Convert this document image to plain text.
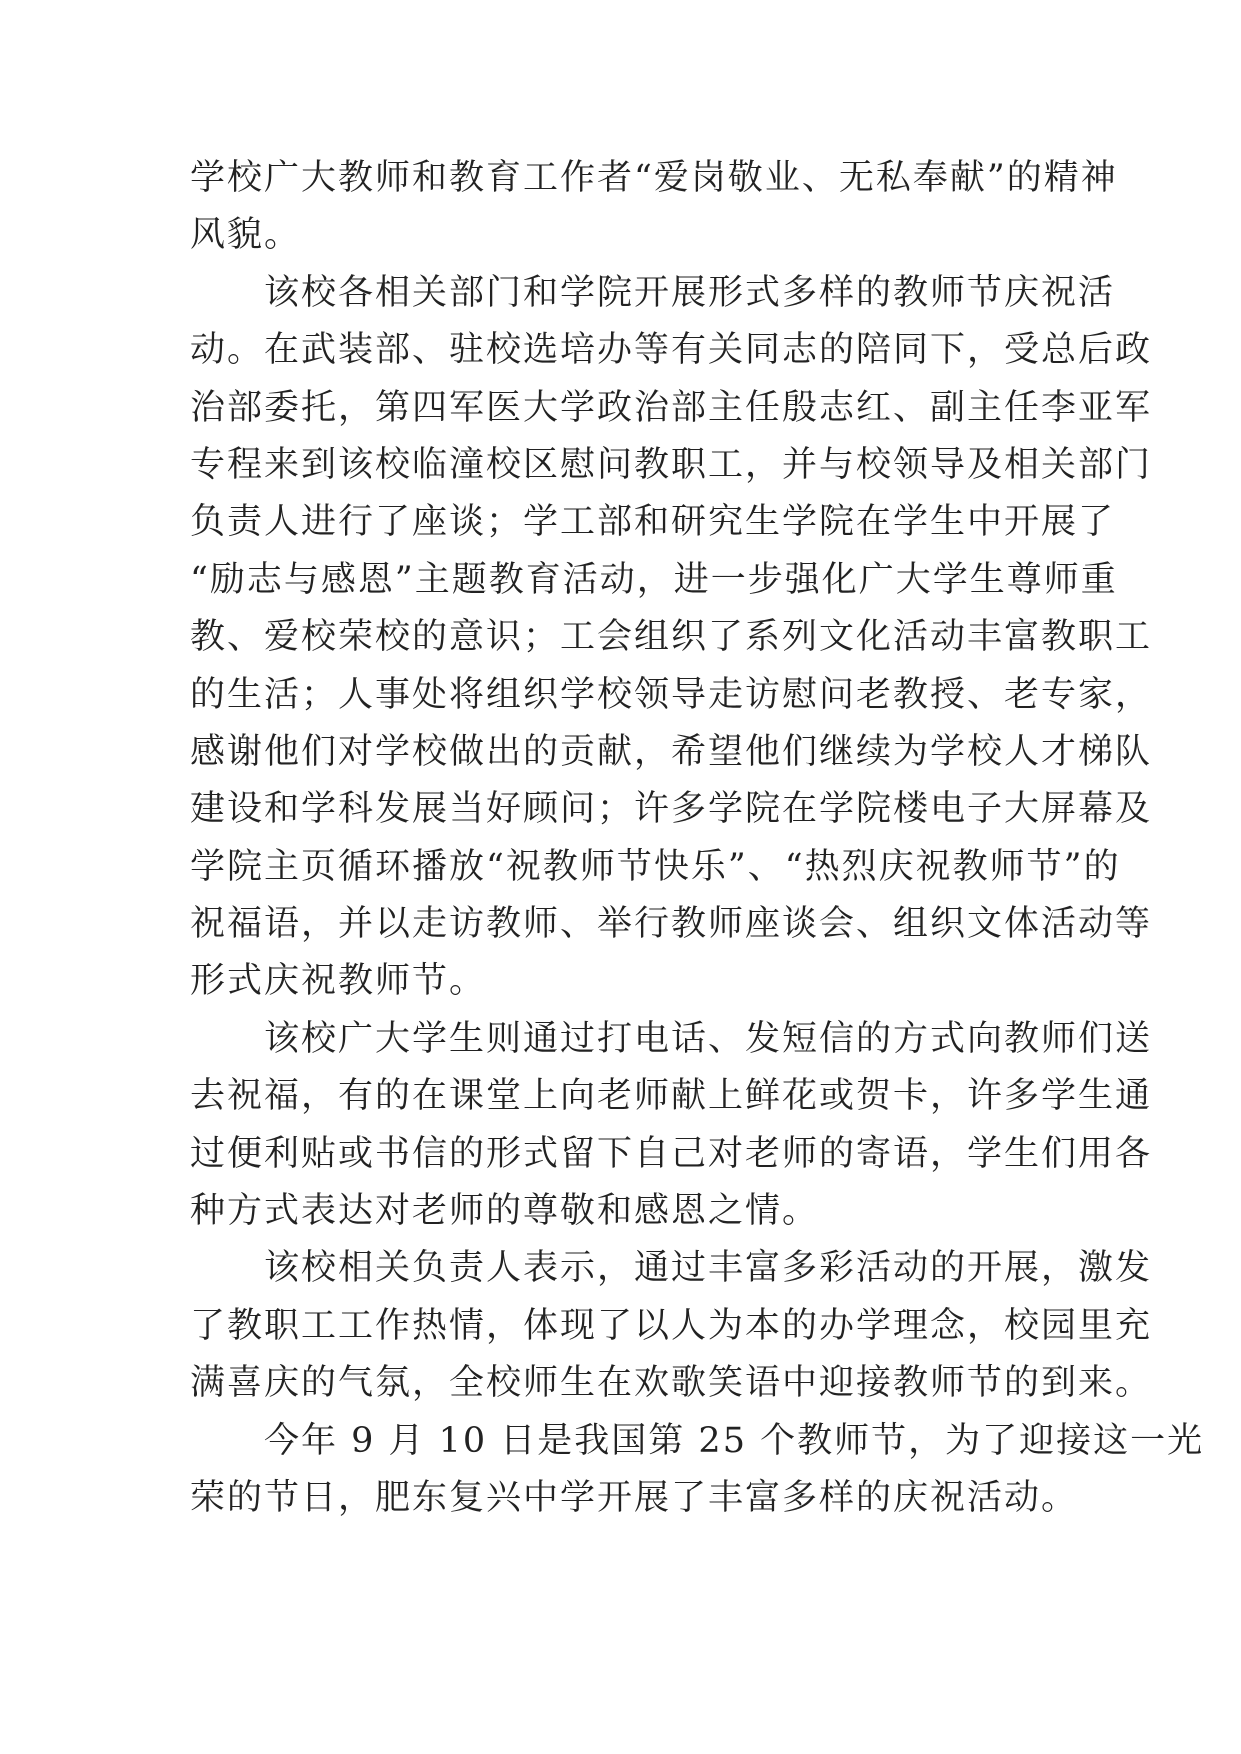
学校广大教师和教育工作者“爱岗敬业、无私奉献”的精神
风貌。
　　该校各相关部门和学院开展形式多样的教师节庆祝活
动。在武装部、驻校选培办等有关同志的陪同下，受总后政
治部委托，第四军医大学政治部主任殷志红、副主任李亚军
专程来到该校临潼校区慰问教职工，并与校领导及相关部门
负责人进行了座谈；学工部和研究生学院在学生中开展了
“励志与感恩”主题教育活动，进一步强化广大学生尊师重
教、爱校荣校的意识；工会组织了系列文化活动丰富教职工
的生活；人事处将组织学校领导走访慰问老教授、老专家，
感谢他们对学校做出的贡献，希望他们继续为学校人才梯队
建设和学科发展当好顾问；许多学院在学院楼电子大屏幕及
学院主页循环播放“祝教师节快乐”、“热烈庆祝教师节”的
祝福语，并以走访教师、举行教师座谈会、组织文体活动等
形式庆祝教师节。
　　该校广大学生则通过打电话、发短信的方式向教师们送
去祝福，有的在课堂上向老师献上鲜花或贺卡，许多学生通
过便利贴或书信的形式留下自己对老师的寄语，学生们用各
种方式表达对老师的尊敬和感恩之情。
　　该校相关负责人表示，通过丰富多彩活动的开展，激发
了教职工工作热情，体现了以人为本的办学理念，校园里充
满喜庆的气氛，全校师生在欢歌笑语中迎接教师节的到来。
　　今年 9 月 10 日是我国第 25 个教师节，为了迎接这一光
荣的节日，肥东复兴中学开展了丰富多样的庆祝活动。
